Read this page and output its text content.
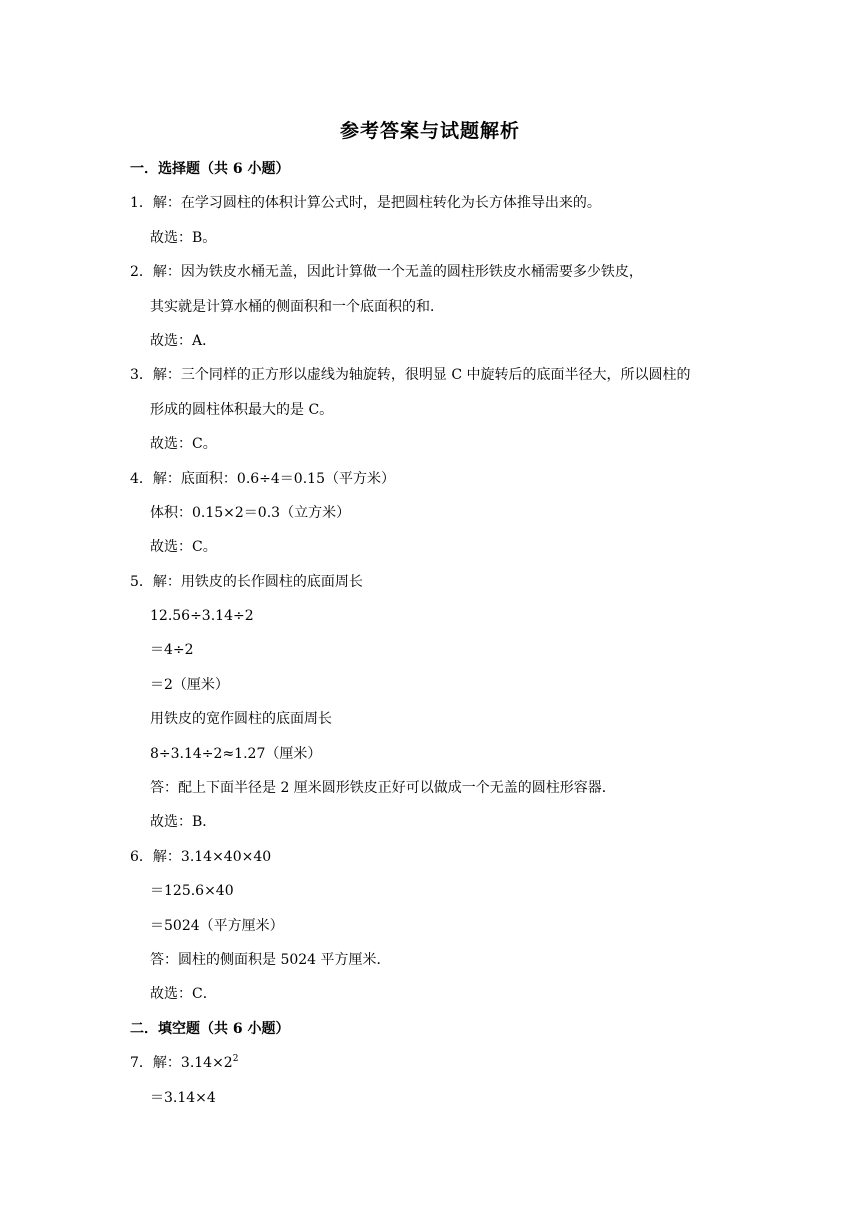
参考答案与试题解析
一．选择题（共 6 小题）
1．解：在学习圆柱的体积计算公式时，是把圆柱转化为长方体推导出来的。
故选：B。
2．解：因为铁皮水桶无盖，因此计算做一个无盖的圆柱形铁皮水桶需要多少铁皮，
其实就是计算水桶的侧面积和一个底面积的和．
故选：A．
3．解：三个同样的正方形以虚线为轴旋转，很明显 C 中旋转后的底面半径大，所以圆柱的
形成的圆柱体积最大的是 C。
故选：C。
4．解：底面积：0.6÷4＝0.15（平方米）
体积：0.15×2＝0.3（立方米）
故选：C。
5．解：用铁皮的长作圆柱的底面周长
12.56÷3.14÷2
＝4÷2
＝2（厘米）
用铁皮的宽作圆柱的底面周长
8÷3.14÷2≈1.27（厘米）
答：配上下面半径是 2 厘米圆形铁皮正好可以做成一个无盖的圆柱形容器．
故选：B．
6．解：3.14×40×40
＝125.6×40
＝5024（平方厘米）
答：圆柱的侧面积是 5024 平方厘米．
故选：C．
二．填空题（共 6 小题）
7．解：$3.14\times 2^2$
＝3.14×4
